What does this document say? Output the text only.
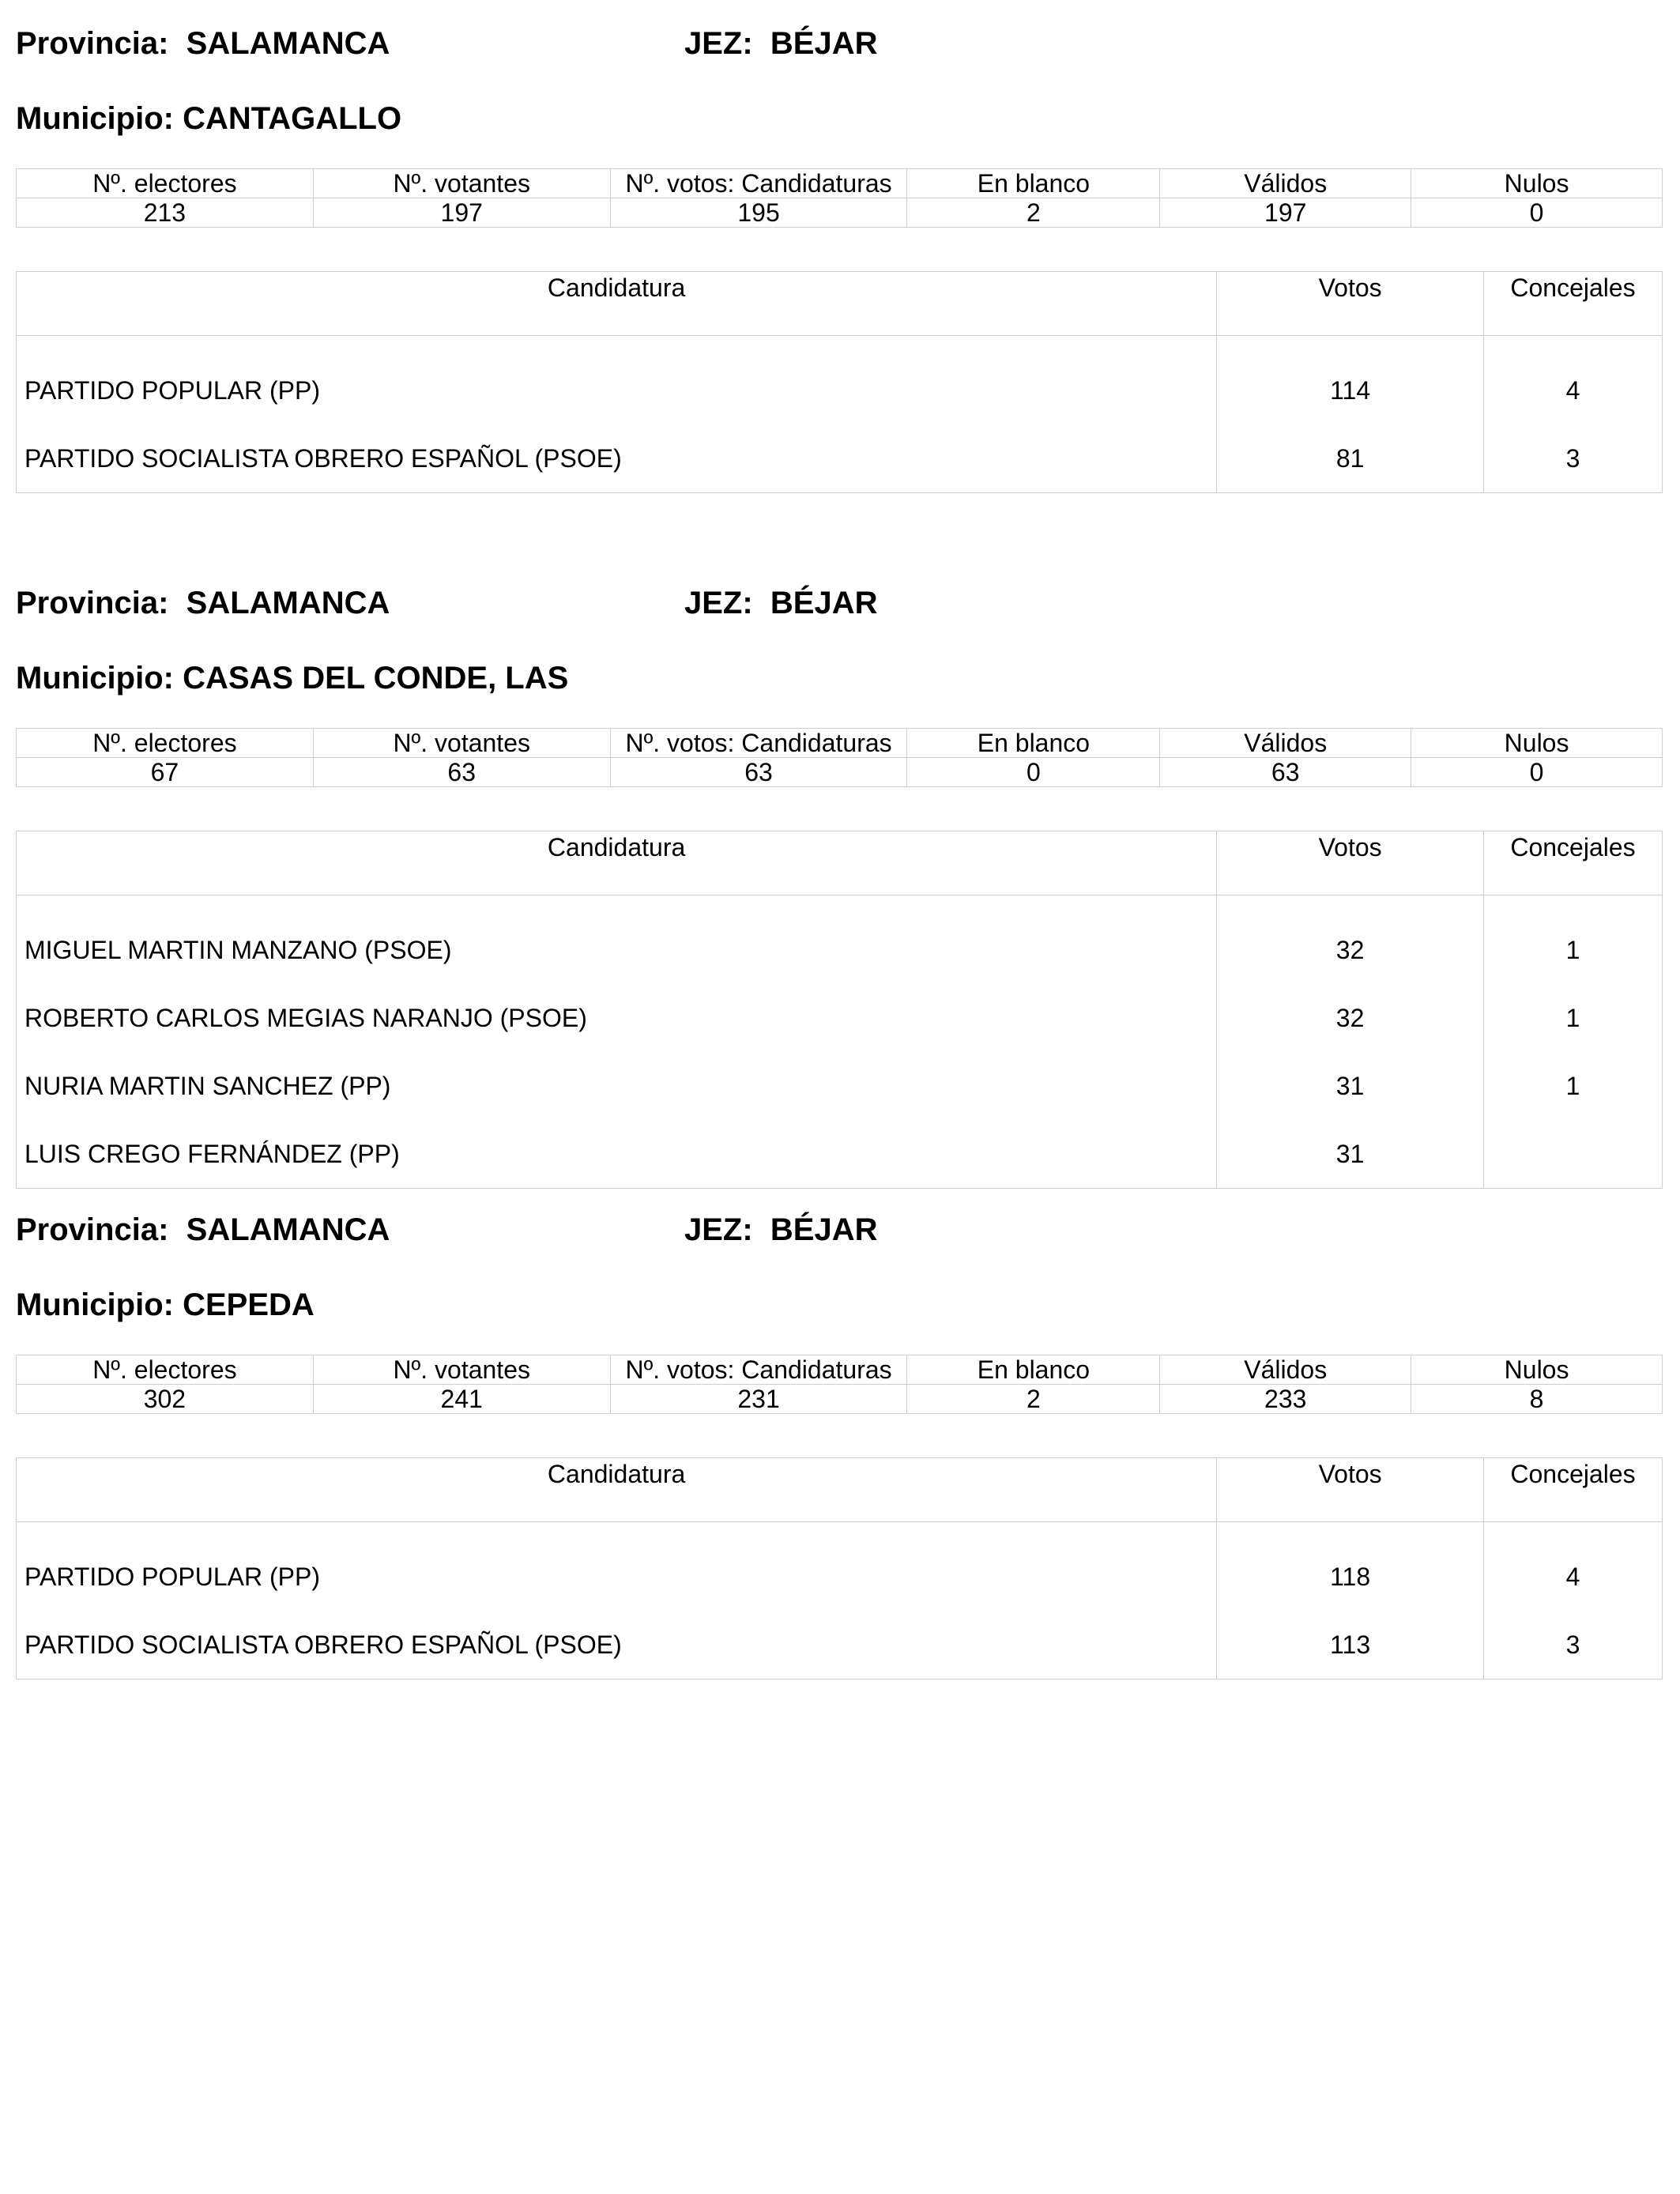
Provincia: SALAMANCA	JEZ: BÉJAR
Municipio: CANTAGALLO
Nº. electores	Nº. votantes	Nº. votos: Candidaturas	En blanco	Válidos	Nulos
213	197	195	2	197	0
Candidatura	Votos	Concejales
PARTIDO POPULAR (PP)	114	4
PARTIDO SOCIALISTA OBRERO ESPAÑOL (PSOE)	81	3
Provincia: SALAMANCA	JEZ: BÉJAR
Municipio: CASAS DEL CONDE, LAS
Nº. electores	Nº. votantes	Nº. votos: Candidaturas	En blanco	Válidos	Nulos
67	63	63	0	63	0
Candidatura	Votos	Concejales
MIGUEL MARTIN MANZANO (PSOE)	32	1
ROBERTO CARLOS MEGIAS NARANJO (PSOE)	32	1
NURIA MARTIN SANCHEZ (PP)	31	1
LUIS CREGO FERNÁNDEZ (PP)	31	
Provincia: SALAMANCA	JEZ: BÉJAR
Municipio: CEPEDA
Nº. electores	Nº. votantes	Nº. votos: Candidaturas	En blanco	Válidos	Nulos
302	241	231	2	233	8
Candidatura	Votos	Concejales
PARTIDO POPULAR (PP)	118	4
PARTIDO SOCIALISTA OBRERO ESPAÑOL (PSOE)	113	3
